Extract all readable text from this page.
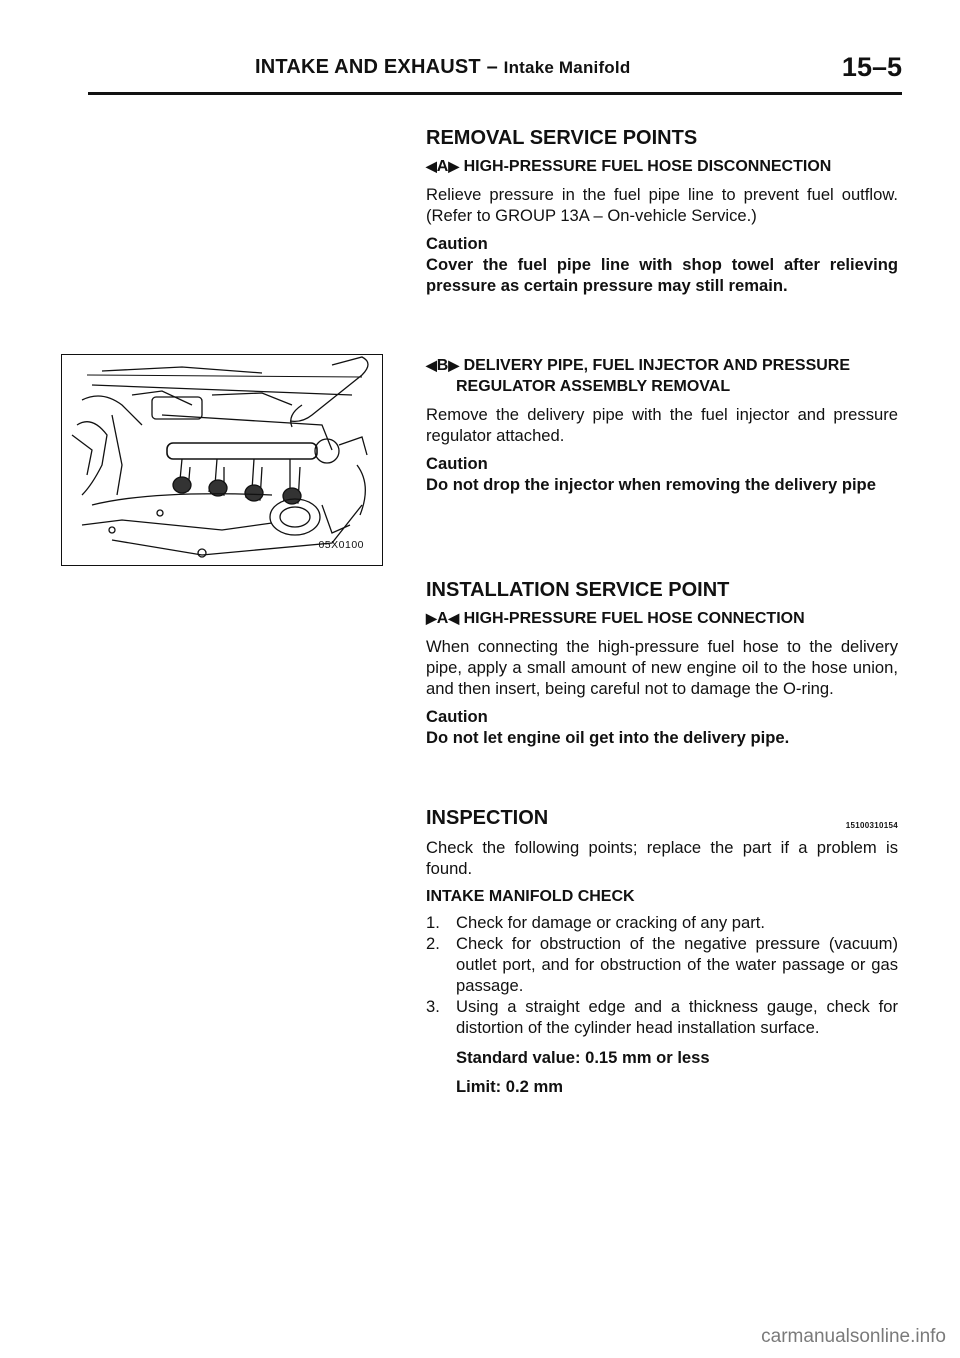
INTAKE AND EXHAUST – Intake Manifold	15–5
05X0100

REMOVAL SERVICE POINTS

◀A▶ HIGH-PRESSURE FUEL HOSE DISCONNECTION

Relieve pressure in the fuel pipe line to prevent fuel outflow. (Refer to GROUP 13A – On-vehicle Service.)

Caution

Cover the fuel pipe line with shop towel after relieving pressure as certain pressure may still remain.

◀B▶ DELIVERY PIPE, FUEL INJECTOR AND PRESSURE

REGULATOR ASSEMBLY REMOVAL

Remove the delivery pipe with the fuel injector and pressure regulator attached.

Caution

Do not drop the injector when removing the delivery pipe

INSTALLATION SERVICE POINT

▶A◀ HIGH-PRESSURE FUEL HOSE CONNECTION

When connecting the high-pressure fuel hose to the delivery pipe, apply a small amount of new engine oil to the hose union, and then insert, being careful not to damage the O-ring.

Caution

Do not let engine oil get into the delivery pipe.

INSPECTION	15100310154

Check the following points; replace the part if a problem is found.

INTAKE MANIFOLD CHECK

1. Check for damage or cracking of any part.
2. Check for obstruction of the negative pressure (vacuum) outlet port, and for obstruction of the water passage or gas passage.
3. Using a straight edge and a thickness gauge, check for distortion of the cylinder head installation surface.

Standard value: 0.15 mm or less

Limit: 0.2 mm

carmanualsonline.info
